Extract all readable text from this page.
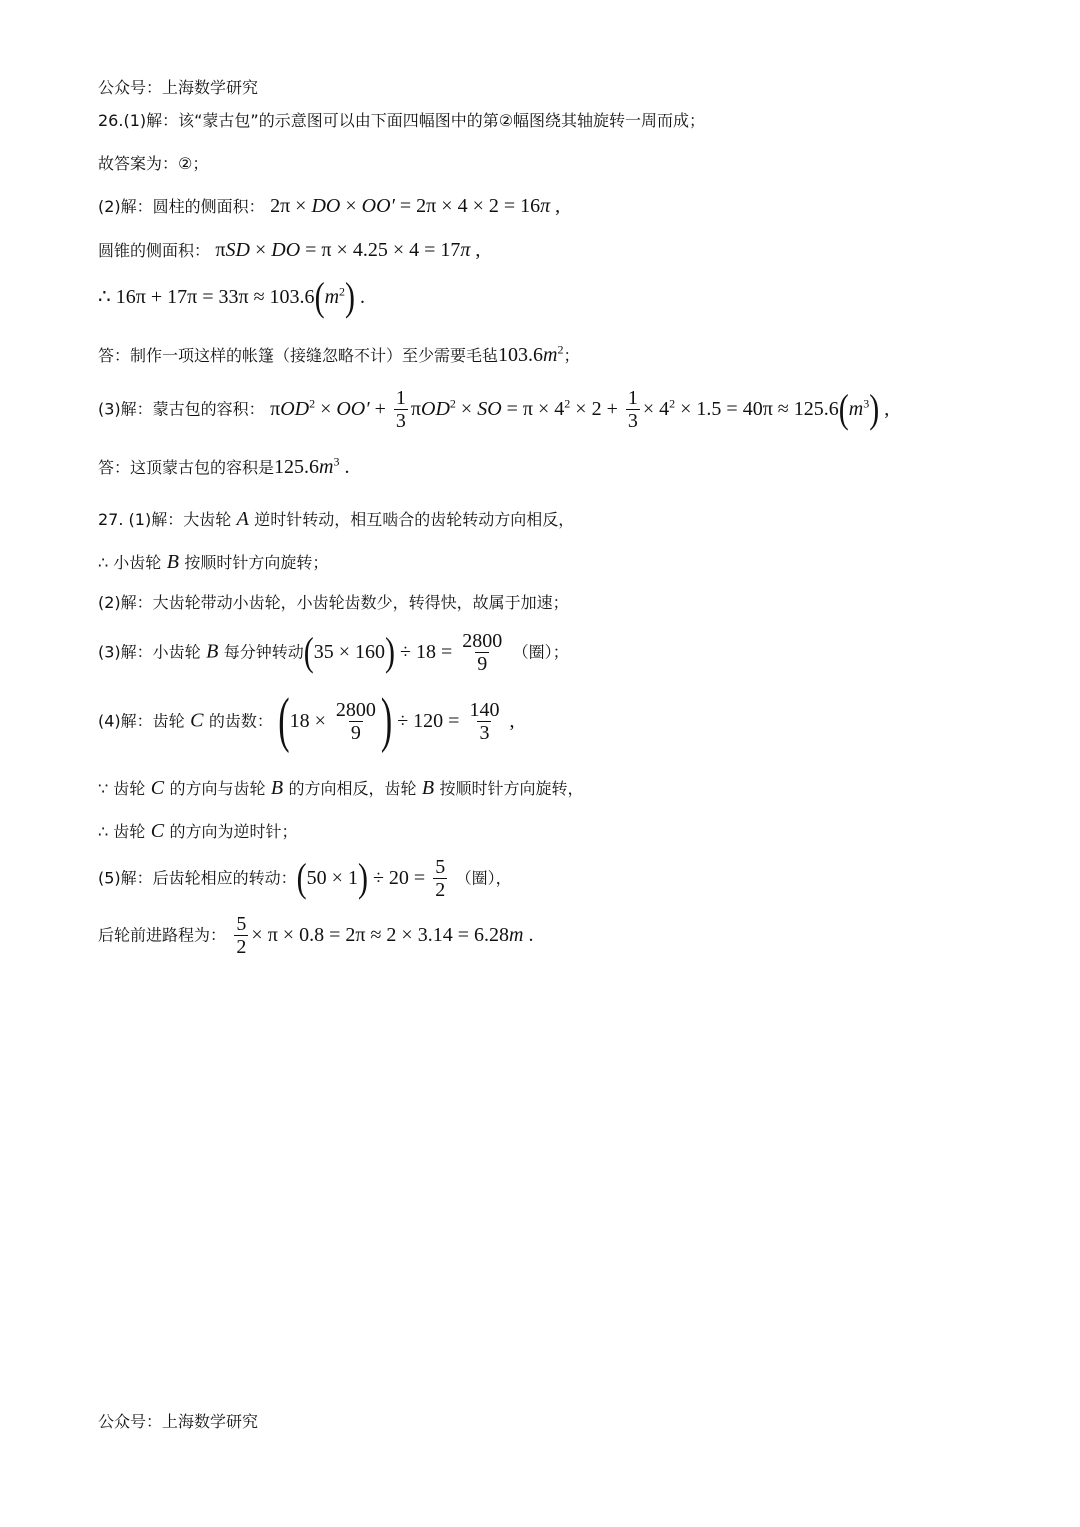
公众号：上海数学研究
26.(1)解：该“蒙古包”的示意图可以由下面四幅图中的第②幅图绕其轴旋转一周而成；
故答案为：②；
(2)解：圆柱的侧面积： 2π × DO × OO′ = 2π × 4 × 2 = 16π ,
圆锥的侧面积： πSD × DO = π × 4.25 × 4 = 17π ,
∴ $16\pi + 17\pi = 33\pi \approx 103.6(m^2)$ .
答：制作一项这样的帐篷（接缝忽略不计）至少需要毛毡$103.6m^2$；
(3)解：蒙古包的容积： $\pi OD^2 \times OO' + \frac{1}{3} \pi OD^2$ × SO = $\pi \times 4^2 \times 2 + \frac{1}{3} \times 4^2 \times 1.5 = 40\pi \approx 125.6(m^3)$ ,
答：这顶蒙古包的容积是$125.6m^3$ .
27. (1)解：大齿轮 A 逆时针转动，相互啮合的齿轮转动方向相反，
∴ 小齿轮 B 按顺时针方向旋转；
(2)解：大齿轮带动小齿轮，小齿轮齿数少，转得快，故属于加速；
(3)解：小齿轮 B 每分钟转动$(35 \times 160) \div 18 = \frac{2800}{9}$ （圈）；
(4)解：齿轮 C 的齿数： ($18 \times \frac{2800}{9}$ ) ÷ $120 = \frac{140}{3}$ ,
∵ 齿轮 C 的方向与齿轮 B 的方向相反，齿轮 B 按顺时针方向旋转，
∴ 齿轮 C 的方向为逆时针；
(5)解：后齿轮相应的转动：$(50 \times 1) \div 20 = \frac{5}{2}$ （圈），
后轮前进路程为： $\frac{5}{2} \times \pi \times 0.8 = 2\pi \approx 2 \times 3.14 = 6.28m$ .
公众号：上海数学研究
